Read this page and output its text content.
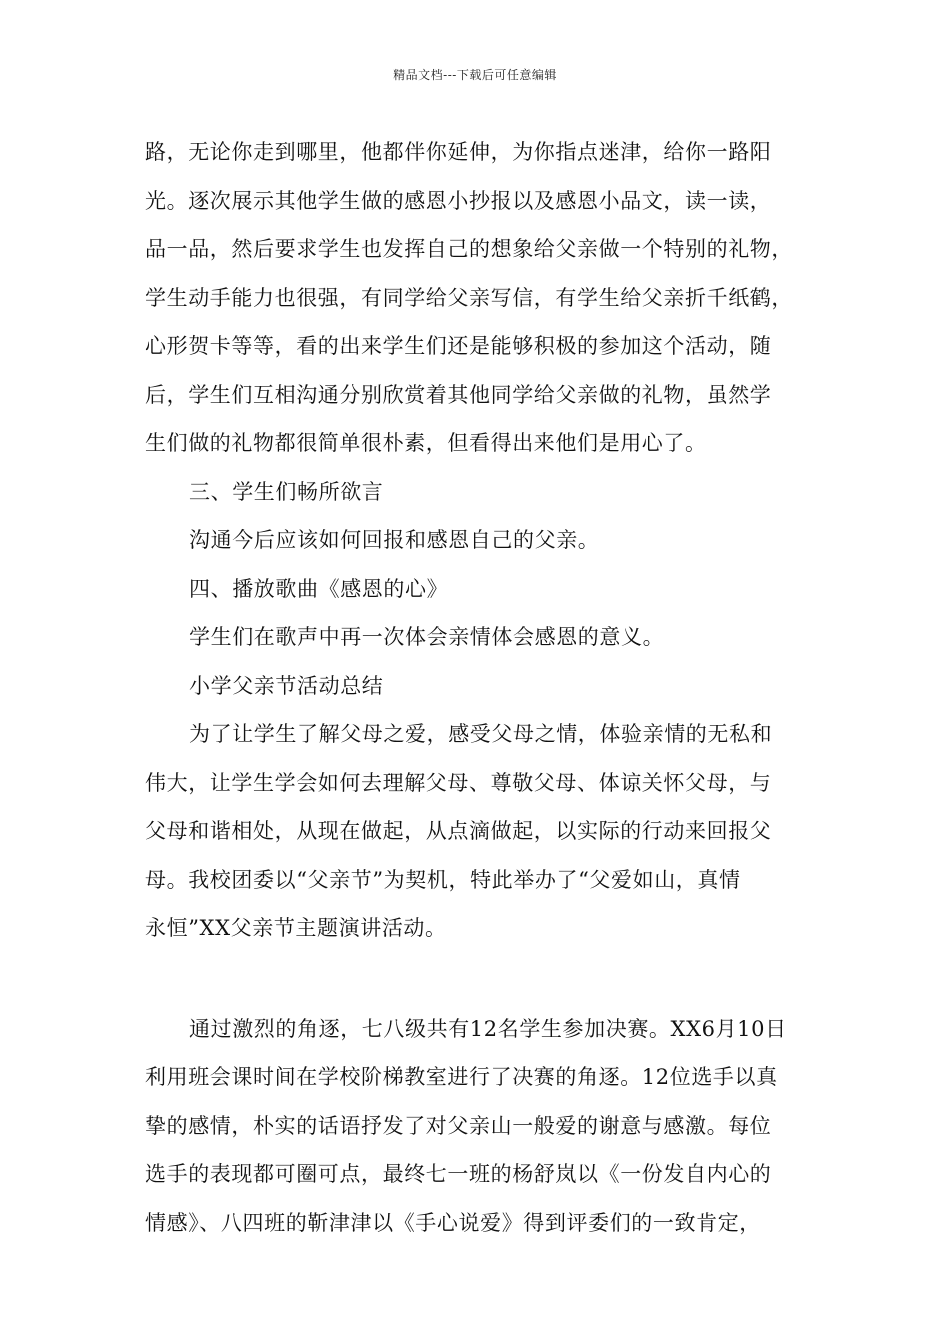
精品文档---下载后可任意编辑
路，无论你走到哪里，他都伴你延伸，为你指点迷津，给你一路阳
光。逐次展示其他学生做的感恩小抄报以及感恩小品文，读一读，
品一品，然后要求学生也发挥自己的想象给父亲做一个特别的礼物，
学生动手能力也很强，有同学给父亲写信，有学生给父亲折千纸鹤，
心形贺卡等等，看的出来学生们还是能够积极的参加这个活动，随
后，学生们互相沟通分别欣赏着其他同学给父亲做的礼物，虽然学
生们做的礼物都很简单很朴素，但看得出来他们是用心了。
三、学生们畅所欲言
沟通今后应该如何回报和感恩自己的父亲。
四、播放歌曲《感恩的心》
学生们在歌声中再一次体会亲情体会感恩的意义。
小学父亲节活动总结
为了让学生了解父母之爱，感受父母之情，体验亲情的无私和
伟大，让学生学会如何去理解父母、尊敬父母、体谅关怀父母，与
父母和谐相处，从现在做起，从点滴做起，以实际的行动来回报父
母。我校团委以“父亲节”为契机，特此举办了“父爱如山，真情
永恒”XX父亲节主题演讲活动。
通过激烈的角逐，七八级共有12名学生参加决赛。XX6月10日
利用班会课时间在学校阶梯教室进行了决赛的角逐。12位选手以真
挚的感情，朴实的话语抒发了对父亲山一般爱的谢意与感激。每位
选手的表现都可圈可点，最终七一班的杨舒岚以《一份发自内心的
情感》、八四班的靳津津以《手心说爱》得到评委们的一致肯定，
